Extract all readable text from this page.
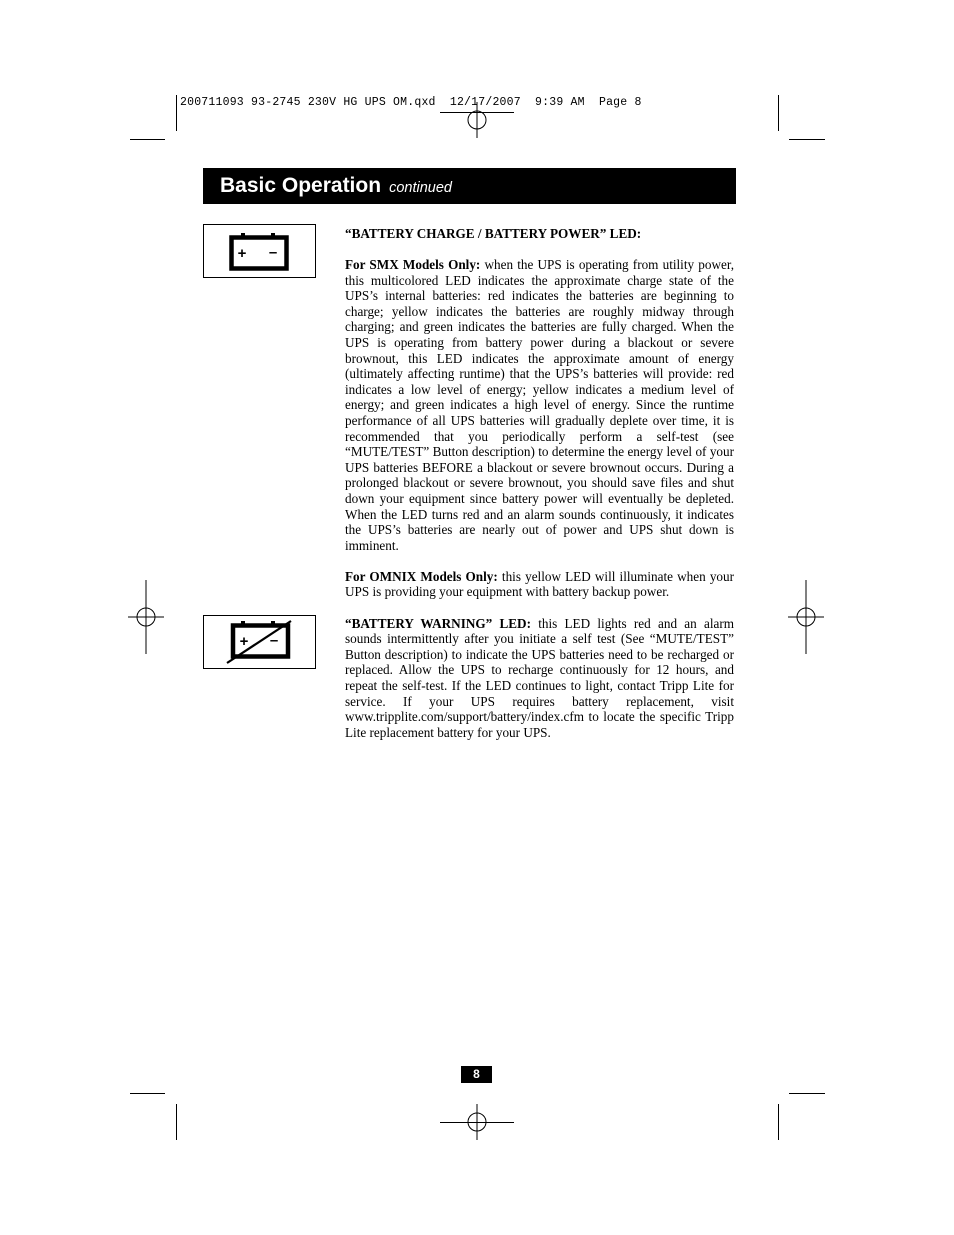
200711093 93-2745 230V HG UPS OM.qxd  12/17/2007  9:39 AM  Page 8
Basic Operation continued
+ –
+ –

“BATTERY CHARGE / BATTERY POWER” LED:

For SMX Models Only: when the UPS is operating from utility power, this multicolored LED indicates the approximate charge state of the UPS’s internal batteries: red indicates the batteries are beginning to charge; yellow indicates the batteries are roughly midway through charging; and green indicates the batteries are fully charged. When the UPS is operating from battery power during a blackout or severe brownout, this LED indicates the approximate amount of energy (ultimately affecting runtime) that the UPS’s batteries will provide: red indicates a low level of energy; yellow indicates a medium level of energy; and green indicates a high level of energy. Since the runtime performance of all UPS batteries will gradually deplete over time, it is recommended that you periodically perform a self-test (see “MUTE/TEST” Button description) to determine the energy level of your UPS batteries BEFORE a blackout or severe brownout occurs. During a prolonged blackout or severe brownout, you should save files and shut down your equipment since battery power will eventually be depleted. When the LED turns red and an alarm sounds continuously, it indicates the UPS’s batteries are nearly out of power and UPS shut down is imminent.

For OMNIX Models Only: this yellow LED will illuminate when your UPS is providing your equipment with battery backup power.

“BATTERY WARNING” LED: this LED lights red and an alarm sounds intermittently after you initiate a self test (See “MUTE/TEST” Button description) to indicate the UPS batteries need to be recharged or replaced. Allow the UPS to recharge continuously for 12 hours, and repeat the self-test. If the LED continues to light, contact Tripp Lite for service. If your UPS requires battery replacement, visit www.tripplite.com/support/battery/index.cfm to locate the specific Tripp Lite replacement battery for your UPS.

8
